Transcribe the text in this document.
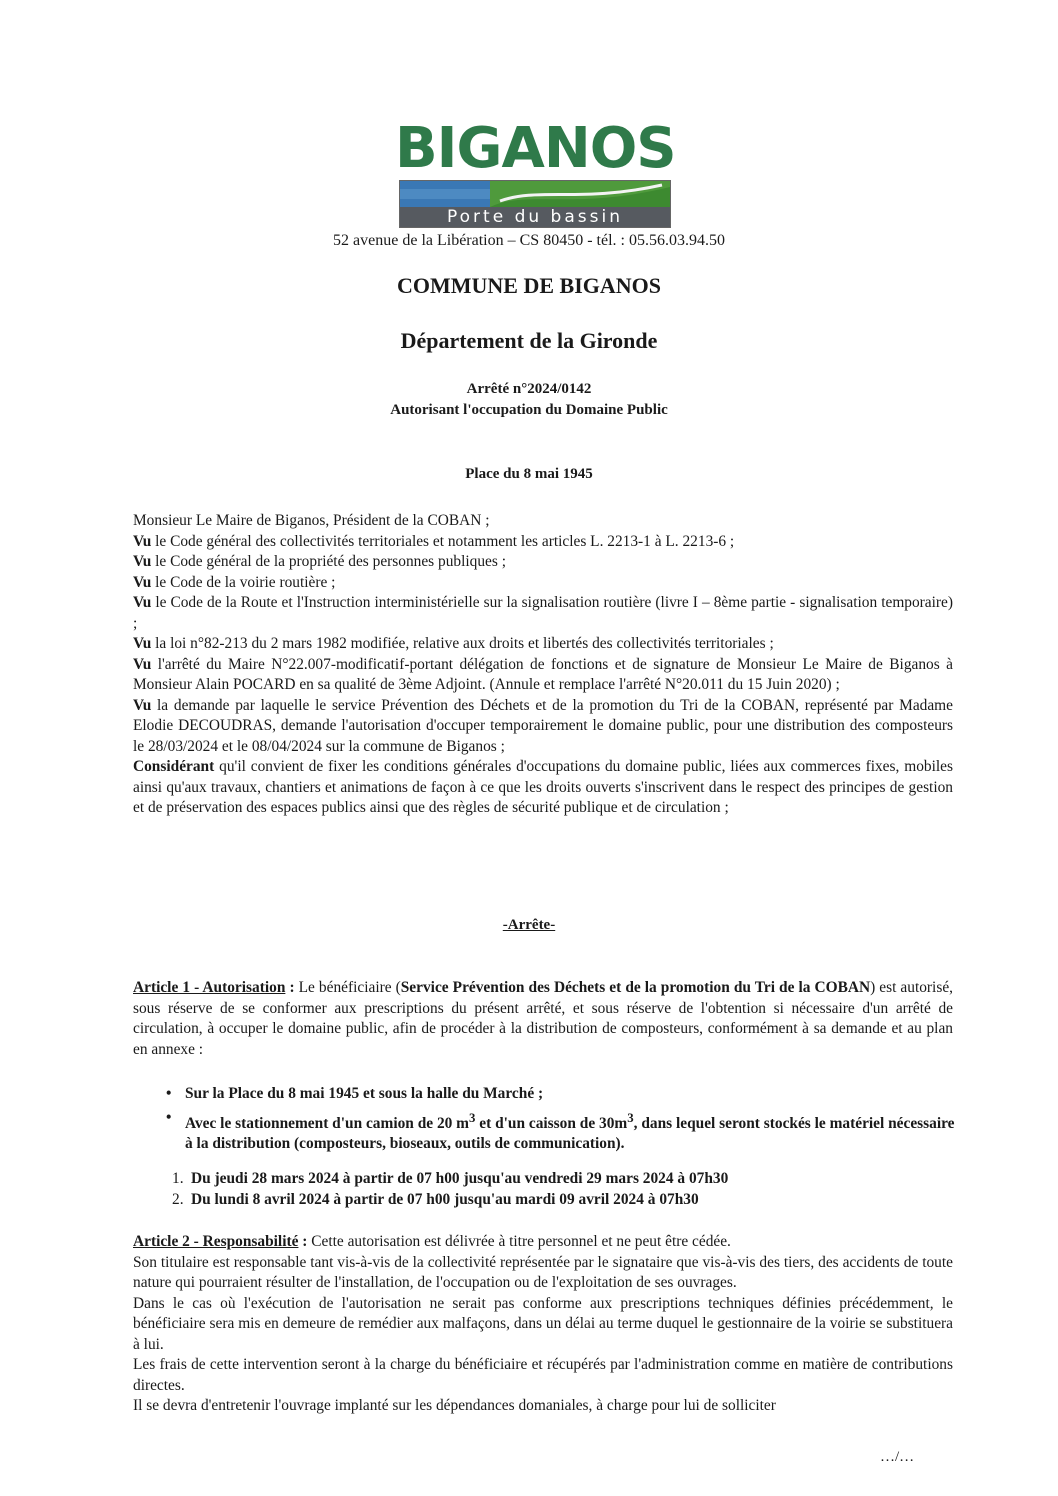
BIGANOS
Porte du bassin
52 avenue de la Libération – CS 80450 - tél. : 05.56.03.94.50
COMMUNE DE BIGANOS
Département de la Gironde
Arrêté n°2024/0142
Autorisant l'occupation du Domaine Public
Place du 8 mai 1945

Monsieur Le Maire de Biganos, Président de la COBAN ;

Vu le Code général des collectivités territoriales et notamment les articles L. 2213-1 à L. 2213-6 ;

Vu le Code général de la propriété des personnes publiques ;

Vu le Code de la voirie routière ;

Vu le Code de la Route et l'Instruction interministérielle sur la signalisation routière (livre I – 8ème partie - signalisation temporaire) ;

Vu la loi n°82-213 du 2 mars 1982 modifiée, relative aux droits et libertés des collectivités territoriales ;

Vu l'arrêté du Maire N°22.007-modificatif-portant délégation de fonctions et de signature de Monsieur Le Maire de Biganos à Monsieur Alain POCARD en sa qualité de 3ème Adjoint. (Annule et remplace l'arrêté N°20.011 du 15 Juin 2020) ;

Vu la demande par laquelle le service Prévention des Déchets et de la promotion du Tri de la COBAN, représenté par Madame Elodie DECOUDRAS, demande l'autorisation d'occuper temporairement le domaine public, pour une distribution des composteurs le 28/03/2024 et le 08/04/2024 sur la commune de Biganos ;

Considérant qu'il convient de fixer les conditions générales d'occupations du domaine public, liées aux commerces fixes, mobiles ainsi qu'aux travaux, chantiers et animations de façon à ce que les droits ouverts s'inscrivent dans le respect des principes de gestion et de préservation des espaces publics ainsi que des règles de sécurité publique et de circulation ;

-Arrête-

Article 1 - Autorisation : Le bénéficiaire (Service Prévention des Déchets et de la promotion du Tri de la COBAN) est autorisé, sous réserve de se conformer aux prescriptions du présent arrêté, et sous réserve de l'obtention si nécessaire d'un arrêté de circulation, à occuper le domaine public, afin de procéder à la distribution de composteurs, conformément à sa demande et au plan en annexe :

• Sur la Place du 8 mai 1945 et sous la halle du Marché ;
• Avec le stationnement d'un camion de 20 $m^3$ et d'un caisson de $30m^3$, dans lequel seront stockés le matériel nécessaire à la distribution (composteurs, bioseaux, outils de communication).
1. Du jeudi 28 mars 2024 à partir de 07 h00 jusqu'au vendredi 29 mars 2024 à 07h30
2. Du lundi 8 avril 2024 à partir de 07 h00 jusqu'au mardi 09 avril 2024 à 07h30

Article 2 - Responsabilité : Cette autorisation est délivrée à titre personnel et ne peut être cédée.

Son titulaire est responsable tant vis-à-vis de la collectivité représentée par le signataire que vis-à-vis des tiers, des accidents de toute nature qui pourraient résulter de l'installation, de l'occupation ou de l'exploitation de ses ouvrages.

Dans le cas où l'exécution de l'autorisation ne serait pas conforme aux prescriptions techniques définies précédemment, le bénéficiaire sera mis en demeure de remédier aux malfaçons, dans un délai au terme duquel le gestionnaire de la voirie se substituera à lui.

Les frais de cette intervention seront à la charge du bénéficiaire et récupérés par l'administration comme en matière de contributions directes.

Il se devra d'entretenir l'ouvrage implanté sur les dépendances domaniales, à charge pour lui de solliciter

…/…
